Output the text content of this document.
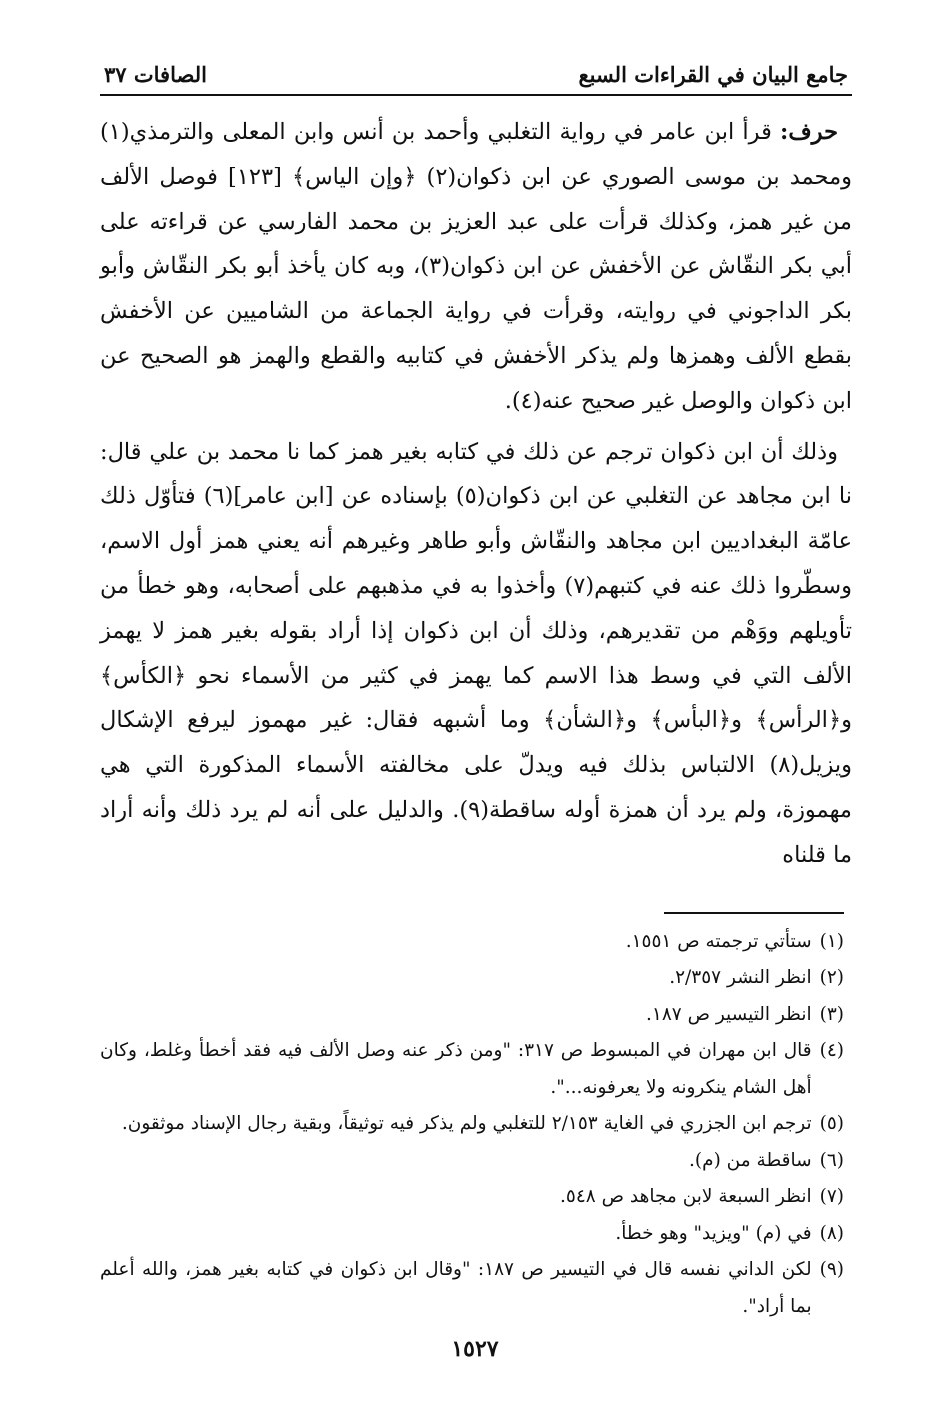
جامع البيان في القراءات السبع
الصافات ٣٧

حرف: قرأ ابن عامر في رواية التغلبي وأحمد بن أنس وابن المعلى والترمذي(١) ومحمد بن موسى الصوري عن ابن ذكوان(٢) ﴿وإن الياس﴾ [١٢٣] فوصل الألف من غير همز، وكذلك قرأت على عبد العزيز بن محمد الفارسي عن قراءته على أبي بكر النقّاش عن الأخفش عن ابن ذكوان(٣)، وبه كان يأخذ أبو بكر النقّاش وأبو بكر الداجوني في روايته، وقرأت في رواية الجماعة من الشاميين عن الأخفش بقطع الألف وهمزها ولم يذكر الأخفش في كتابيه والقطع والهمز هو الصحيح عن ابن ذكوان والوصل غير صحيح عنه(٤).

وذلك أن ابن ذكوان ترجم عن ذلك في كتابه بغير همز كما نا محمد بن علي قال: نا ابن مجاهد عن التغلبي عن ابن ذكوان(٥) بإسناده عن [ابن عامر](٦) فتأوّل ذلك عامّة البغداديين ابن مجاهد والنقّاش وأبو طاهر وغيرهم أنه يعني همز أول الاسم، وسطّروا ذلك عنه في كتبهم(٧) وأخذوا به في مذهبهم على أصحابه، وهو خطأ من تأويلهم ووَهْم من تقديرهم، وذلك أن ابن ذكوان إذا أراد بقوله بغير همز لا يهمز الألف التي في وسط هذا الاسم كما يهمز في كثير من الأسماء نحو ﴿الكأس﴾ و﴿الرأس﴾ و﴿البأس﴾ و﴿الشأن﴾ وما أشبهه فقال: غير مهموز ليرفع الإشكال ويزيل(٨) الالتباس بذلك فيه ويدلّ على مخالفته الأسماء المذكورة التي هي مهموزة، ولم يرد أن همزة أوله ساقطة(٩). والدليل على أنه لم يرد ذلك وأنه أراد ما قلناه

(١)
ستأتي ترجمته ص ١٥٥١.
(٢)
انظر النشر ٢/٣٥٧.
(٣)
انظر التيسير ص ١٨٧.
(٤)
قال ابن مهران في المبسوط ص ٣١٧: "ومن ذكر عنه وصل الألف فيه فقد أخطأ وغلط، وكان أهل الشام ينكرونه ولا يعرفونه...".
(٥)
ترجم ابن الجزري في الغاية ٢/١٥٣ للتغلبي ولم يذكر فيه توثيقاً، وبقية رجال الإسناد موثقون.
(٦)
ساقطة من (م).
(٧)
انظر السبعة لابن مجاهد ص ٥٤٨.
(٨)
في (م) "ويزيد" وهو خطأ.
(٩)
لكن الداني نفسه قال في التيسير ص ١٨٧: "وقال ابن ذكوان في كتابه بغير همز، والله أعلم بما أراد".
١٥٢٧
